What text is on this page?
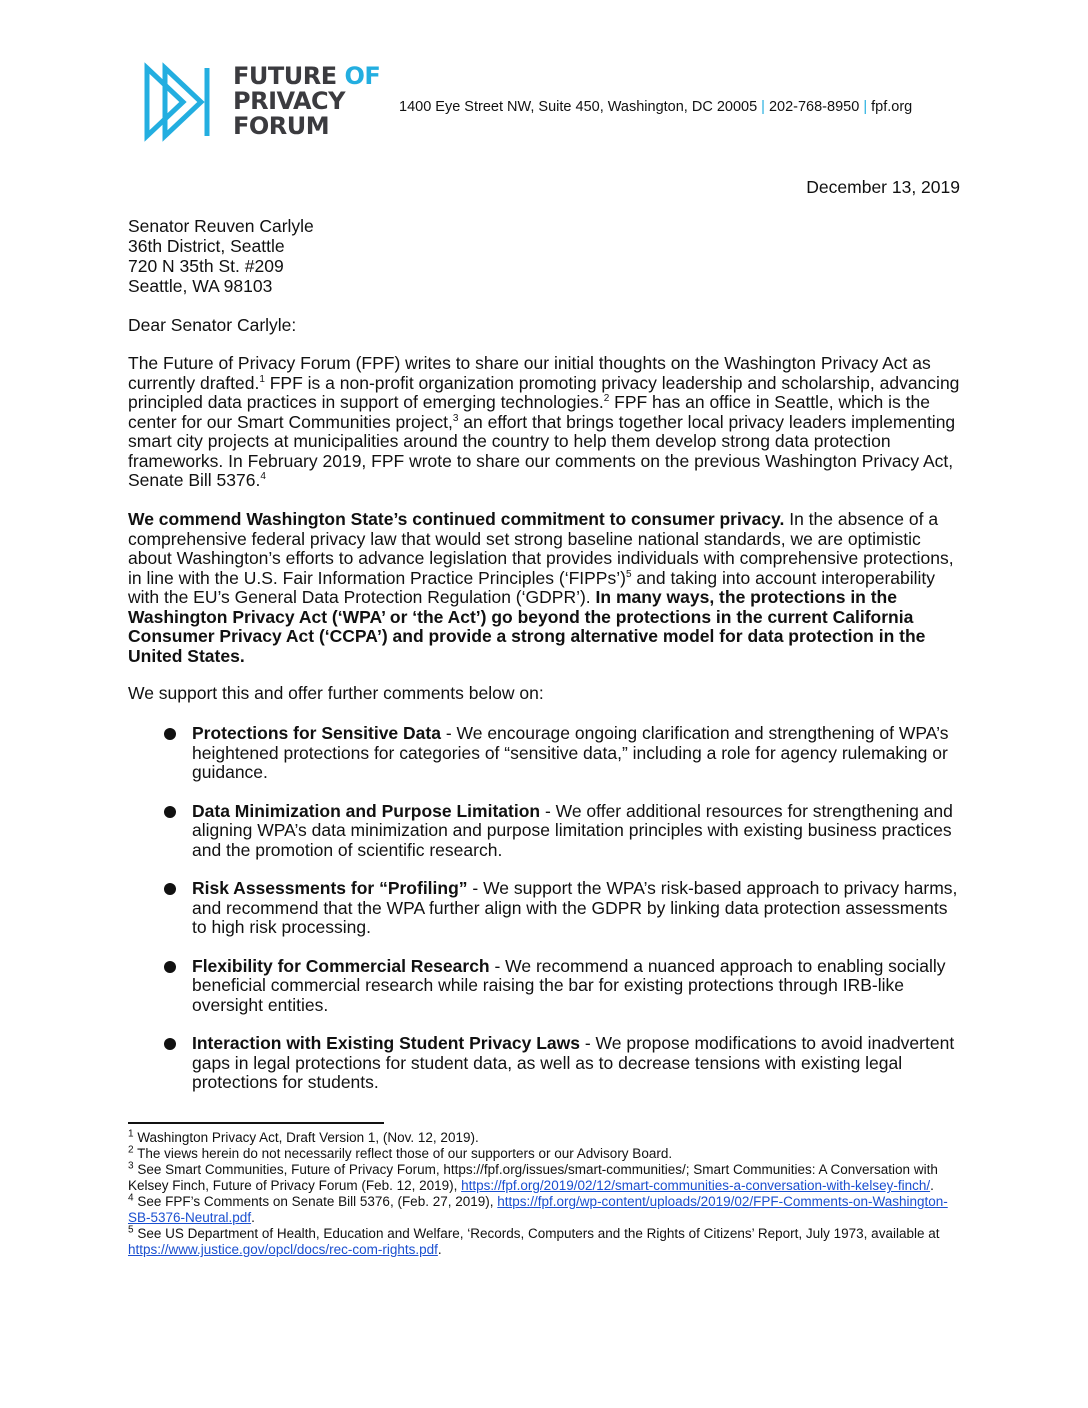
FUTURE OF
PRIVACY
FORUM
1400 Eye Street NW, Suite 450, Washington, DC 20005 | 202-768-8950 | fpf.org
December 13, 2019
Senator Reuven Carlyle
36th District, Seattle
720 N 35th St. #209
Seattle, WA 98103
Dear Senator Carlyle:
The Future of Privacy Forum (FPF) writes to share our initial thoughts on the Washington Privacy Act as currently drafted.$^1$ FPF is a non-profit organization promoting privacy leadership and scholarship, advancing principled data practices in support of emerging technologies.$^2$ FPF has an office in Seattle, which is the center for our Smart Communities project,$^3$ an effort that brings together local privacy leaders implementing smart city projects at municipalities around the country to help them develop strong data protection frameworks. In February 2019, FPF wrote to share our comments on the previous Washington Privacy Act, Senate Bill 5376.$^4$
We commend Washington State’s continued commitment to consumer privacy. In the absence of a comprehensive federal privacy law that would set strong baseline national standards, we are optimistic about Washington’s efforts to advance legislation that provides individuals with comprehensive protections, in line with the U.S. Fair Information Practice Principles (‘FIPPs’)$^5$ and taking into account interoperability with the EU’s General Data Protection Regulation (‘GDPR’). In many ways, the protections in the Washington Privacy Act (‘WPA’ or ‘the Act’) go beyond the protections in the current California Consumer Privacy Act (‘CCPA’) and provide a strong alternative model for data protection in the United States.
We support this and offer further comments below on:
Protections for Sensitive Data - We encourage ongoing clarification and strengthening of WPA’s heightened protections for categories of “sensitive data,” including a role for agency rulemaking or guidance.
Data Minimization and Purpose Limitation - We offer additional resources for strengthening and aligning WPA’s data minimization and purpose limitation principles with existing business practices and the promotion of scientific research.
Risk Assessments for “Profiling” - We support the WPA’s risk-based approach to privacy harms, and recommend that the WPA further align with the GDPR by linking data protection assessments to high risk processing.
Flexibility for Commercial Research - We recommend a nuanced approach to enabling socially beneficial commercial research while raising the bar for existing protections through IRB-like oversight entities.
Interaction with Existing Student Privacy Laws - We propose modifications to avoid inadvertent gaps in legal protections for student data, as well as to decrease tensions with existing legal protections for students.

$^1$ Washington Privacy Act, Draft Version 1, (Nov. 12, 2019).

$^2$ The views herein do not necessarily reflect those of our supporters or our Advisory Board.

$^3$ See Smart Communities, Future of Privacy Forum, https://fpf.org/issues/smart-communities/; Smart Communities: A Conversation with Kelsey Finch, Future of Privacy Forum (Feb. 12, 2019), https://fpf.org/2019/02/12/smart-communities-a-conversation-with-kelsey-finch/.

$^4$ See FPF’s Comments on Senate Bill 5376, (Feb. 27, 2019), https://fpf.org/wp-content/uploads/2019/02/FPF-Comments-on-Washington-SB-5376-Neutral.pdf.

$^5$ See US Department of Health, Education and Welfare, ‘Records, Computers and the Rights of Citizens’ Report, July 1973, available at https://www.justice.gov/opcl/docs/rec-com-rights.pdf.
